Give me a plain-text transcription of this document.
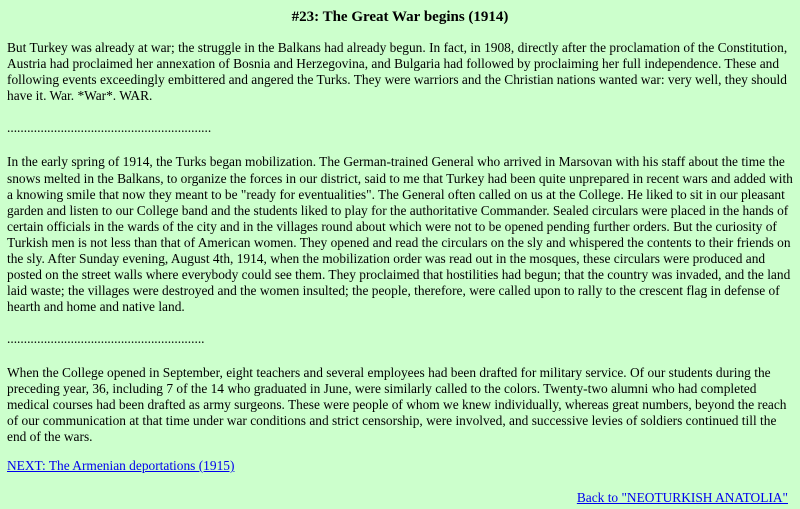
#23: The Great War begins (1914)

But Turkey was already at war; the struggle in the Balkans had already begun. In fact, in 1908, directly after the proclamation of the Constitution, Austria had proclaimed her annexation of Bosnia and Herzegovina, and Bulgaria had followed by proclaiming her full independence. These and following events exceedingly embittered and angered the Turks. They were warriors and the Christian nations wanted war: very well, they should have it. War. *War*. WAR.

.............................................................

In the early spring of 1914, the Turks began mobilization. The German-trained General who arrived in Marsovan with his staff about the time the snows melted in the Balkans, to organize the forces in our district, said to me that Turkey had been quite unprepared in recent wars and added with a knowing smile that now they meant to be "ready for eventualities". The General often called on us at the College. He liked to sit in our pleasant garden and listen to our College band and the students liked to play for the authoritative Commander. Sealed circulars were placed in the hands of certain officials in the wards of the city and in the villages round about which were not to be opened pending further orders. But the curiosity of Turkish men is not less than that of American women. They opened and read the circulars on the sly and whispered the contents to their friends on the sly. After Sunday evening, August 4th, 1914, when the mobilization order was read out in the mosques, these circulars were produced and posted on the street walls where everybody could see them. They proclaimed that hostilities had begun; that the country was invaded, and the land laid waste; the villages were destroyed and the women insulted; the people, therefore, were called upon to rally to the crescent flag in defense of hearth and home and native land.

...........................................................

When the College opened in September, eight teachers and several employees had been drafted for military service. Of our students during the preceding year, 36, including 7 of the 14 who graduated in June, were similarly called to the colors. Twenty-two alumni who had completed medical courses had been drafted as army surgeons. These were people of whom we knew individually, whereas great numbers, beyond the reach of our communication at that time under war conditions and strict censorship, were involved, and successive levies of soldiers continued till the end of the wars.

NEXT: The Armenian deportations (1915)

Back to "NEOTURKISH ANATOLIA"
